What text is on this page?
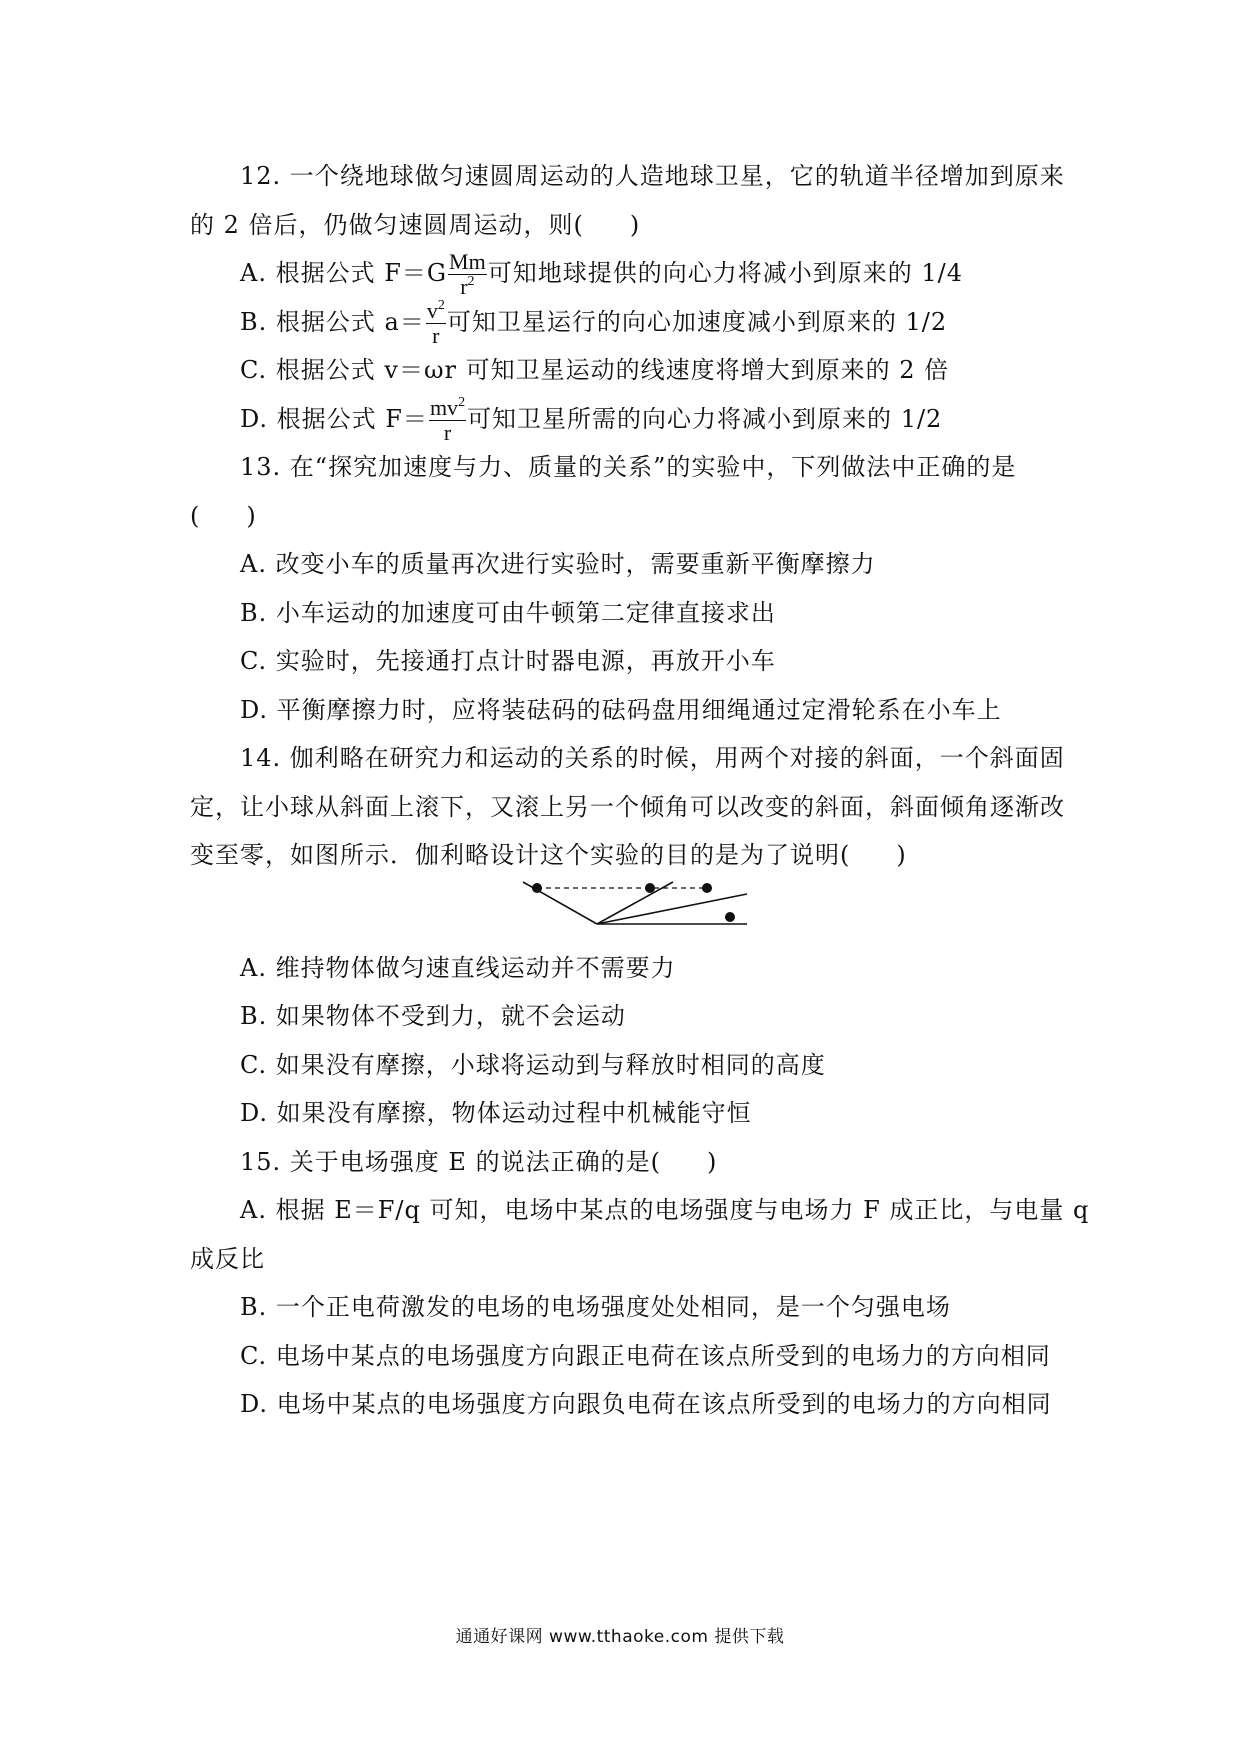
12. 一个绕地球做匀速圆周运动的人造地球卫星，它的轨道半径增加到原来
的 2 倍后，仍做匀速圆周运动，则( )
A. 根据公式 $F=G \frac{Mm}{r^2}$ 可知地球提供的向心力将减小到原来的 1/4
B. 根据公式 $a= \frac{v^2}{r}$ 可知卫星运行的向心加速度减小到原来的 1/2
C. 根据公式 v＝ωr 可知卫星运动的线速度将增大到原来的 2 倍
D. 根据公式 $F= \frac{mv^2}{r}$ 可知卫星所需的向心力将减小到原来的 1/2
13. 在“探究加速度与力、质量的关系”的实验中，下列做法中正确的是
( )
A. 改变小车的质量再次进行实验时，需要重新平衡摩擦力
B. 小车运动的加速度可由牛顿第二定律直接求出
C. 实验时，先接通打点计时器电源，再放开小车
D. 平衡摩擦力时，应将装砝码的砝码盘用细绳通过定滑轮系在小车上
14. 伽利略在研究力和运动的关系的时候，用两个对接的斜面，一个斜面固
定，让小球从斜面上滚下，又滚上另一个倾角可以改变的斜面，斜面倾角逐渐改
变至零，如图所示．伽利略设计这个实验的目的是为了说明( )
A. 维持物体做匀速直线运动并不需要力
B. 如果物体不受到力，就不会运动
C. 如果没有摩擦，小球将运动到与释放时相同的高度
D. 如果没有摩擦，物体运动过程中机械能守恒
15. 关于电场强度 E 的说法正确的是( )
A. 根据 E＝F/q 可知，电场中某点的电场强度与电场力 F 成正比，与电量 q
成反比
B. 一个正电荷激发的电场的电场强度处处相同，是一个匀强电场
C. 电场中某点的电场强度方向跟正电荷在该点所受到的电场力的方向相同
D. 电场中某点的电场强度方向跟负电荷在该点所受到的电场力的方向相同
通通好课网 www.tthaoke.com 提供下载
